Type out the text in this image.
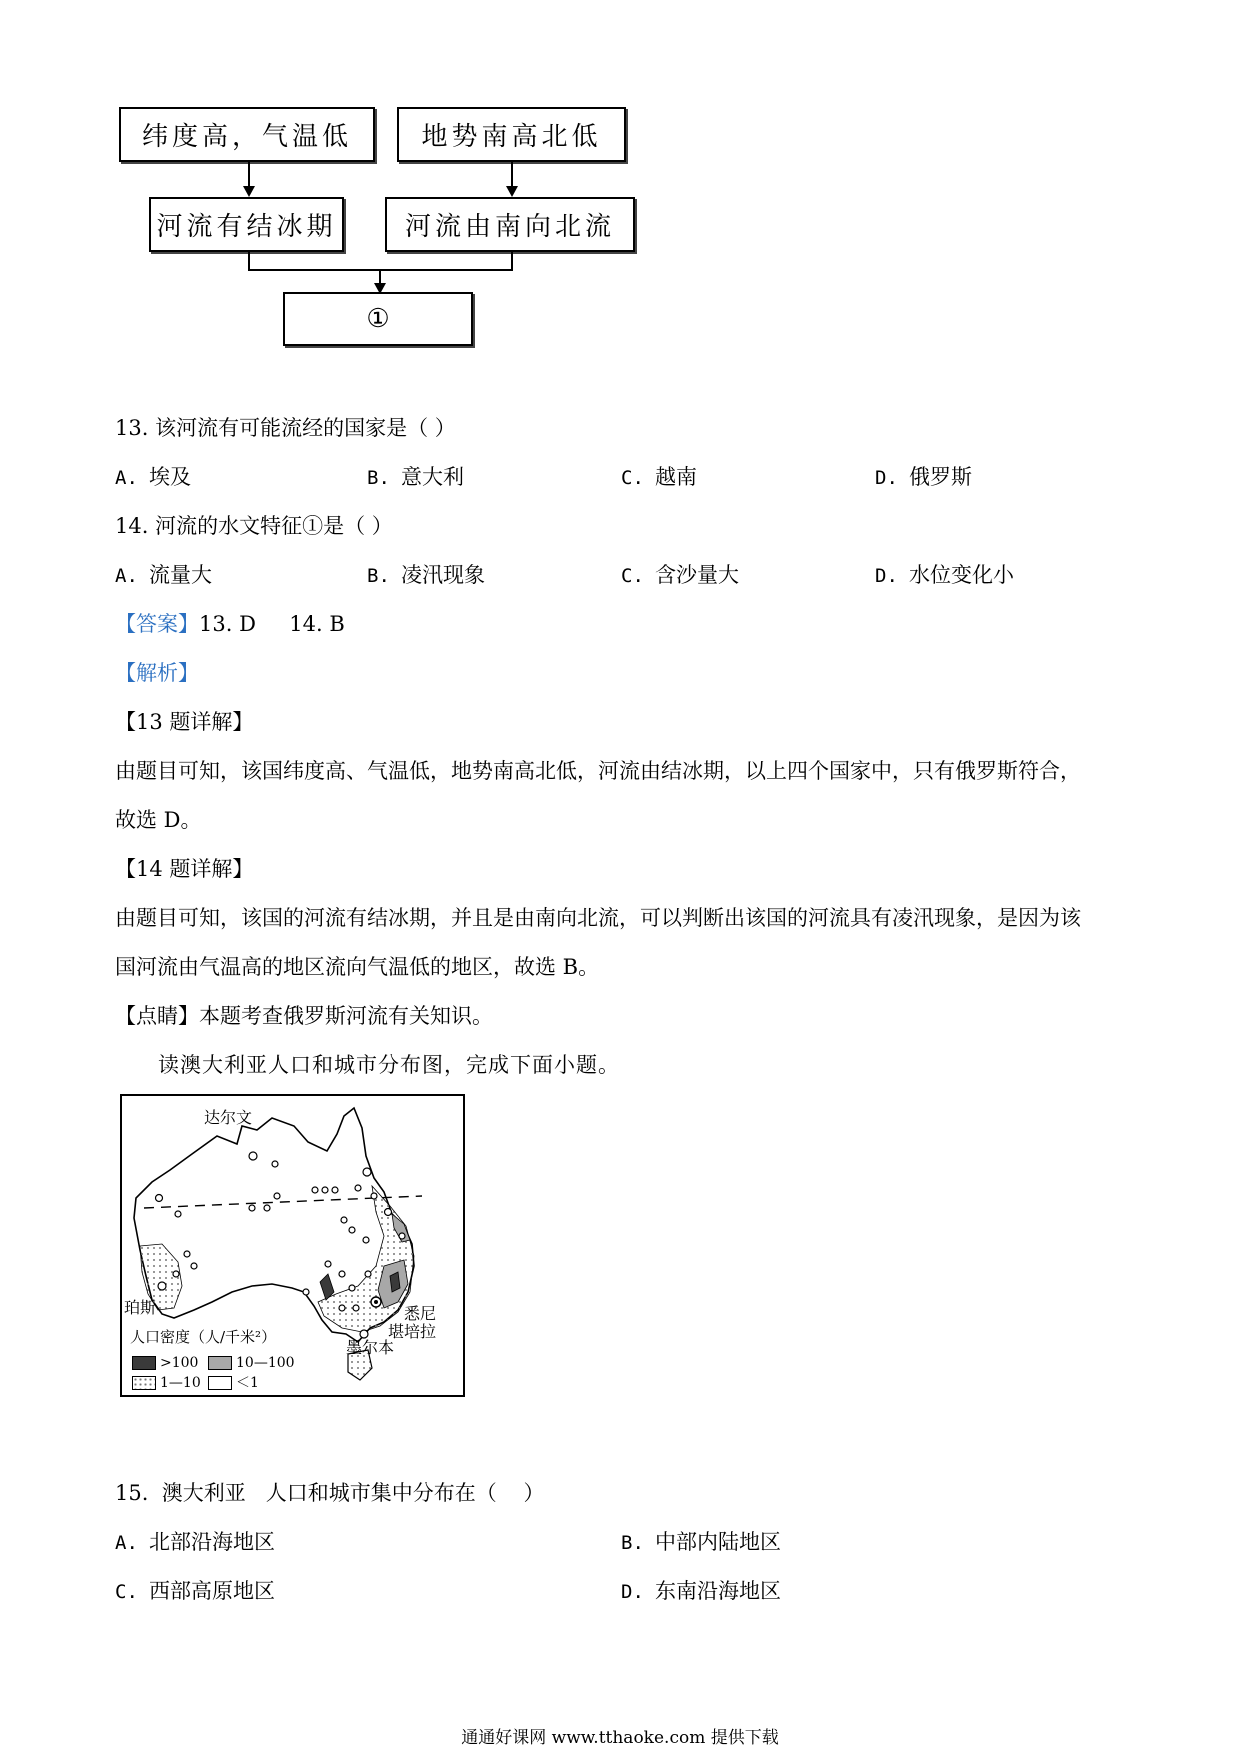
纬度高，气温低	地势南高北低
河流有结冰期	河流由南向北流
①
13. 该河流有可能流经的国家是（ ）
A. 埃及	B. 意大利	C. 越南	D. 俄罗斯
14. 河流的水文特征①是（ ）
A. 流量大	B. 凌汛现象	C. 含沙量大	D. 水位变化小
【答案】13. D     14. B
【解析】
【13 题详解】
由题目可知，该国纬度高、气温低，地势南高北低，河流由结冰期，以上四个国家中，只有俄罗斯符合，
故选 D。
【14 题详解】
由题目可知，该国的河流有结冰期，并且是由南向北流，可以判断出该国的河流具有凌汛现象，是因为该
国河流由气温高的地区流向气温低的地区，故选 B。
【点睛】本题考查俄罗斯河流有关知识。
读澳大利亚人口和城市分布图，完成下面小题。
达尔文
珀斯	悉尼
堪培拉
墨尔本
人口密度（人/千米²）
>100	10—100
1—10	＜1
15.  澳大利亚   人口和城市集中分布在（    ）
A. 北部沿海地区	B. 中部内陆地区
C. 西部高原地区	D. 东南沿海地区
通通好课网 www.tthaoke.com 提供下载
